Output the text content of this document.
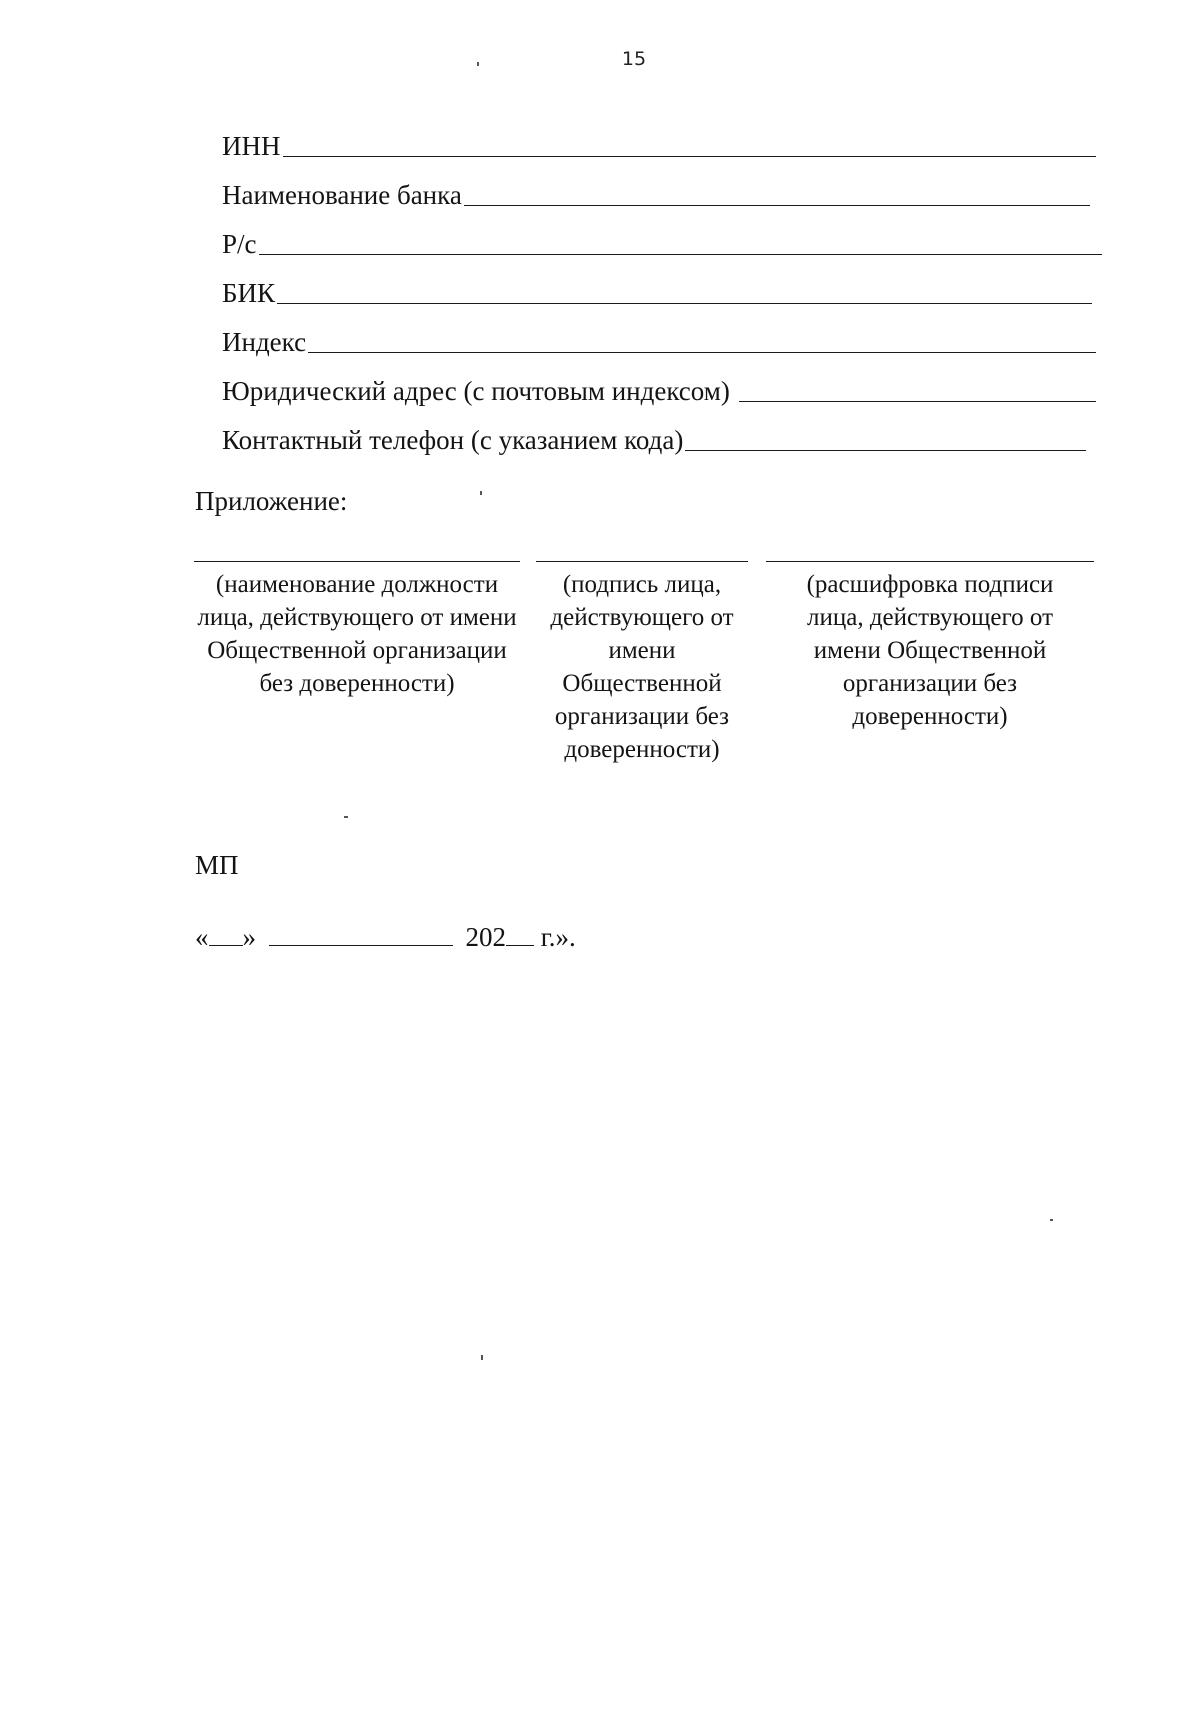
15
ИНН
Наименование банка
Р/с
БИК
Индекс
Юридический адрес (с почтовым индексом)
Контактный телефон (с указанием кода)
Приложение:
(наименование должности лица, действующего от имени Общественной организации без доверенности)
(подпись лица, действующего от имени Общественной организации без доверенности)
(расшифровка подписи лица, действующего от имени Общественной организации без доверенности)
МП
« »	202 г.».
